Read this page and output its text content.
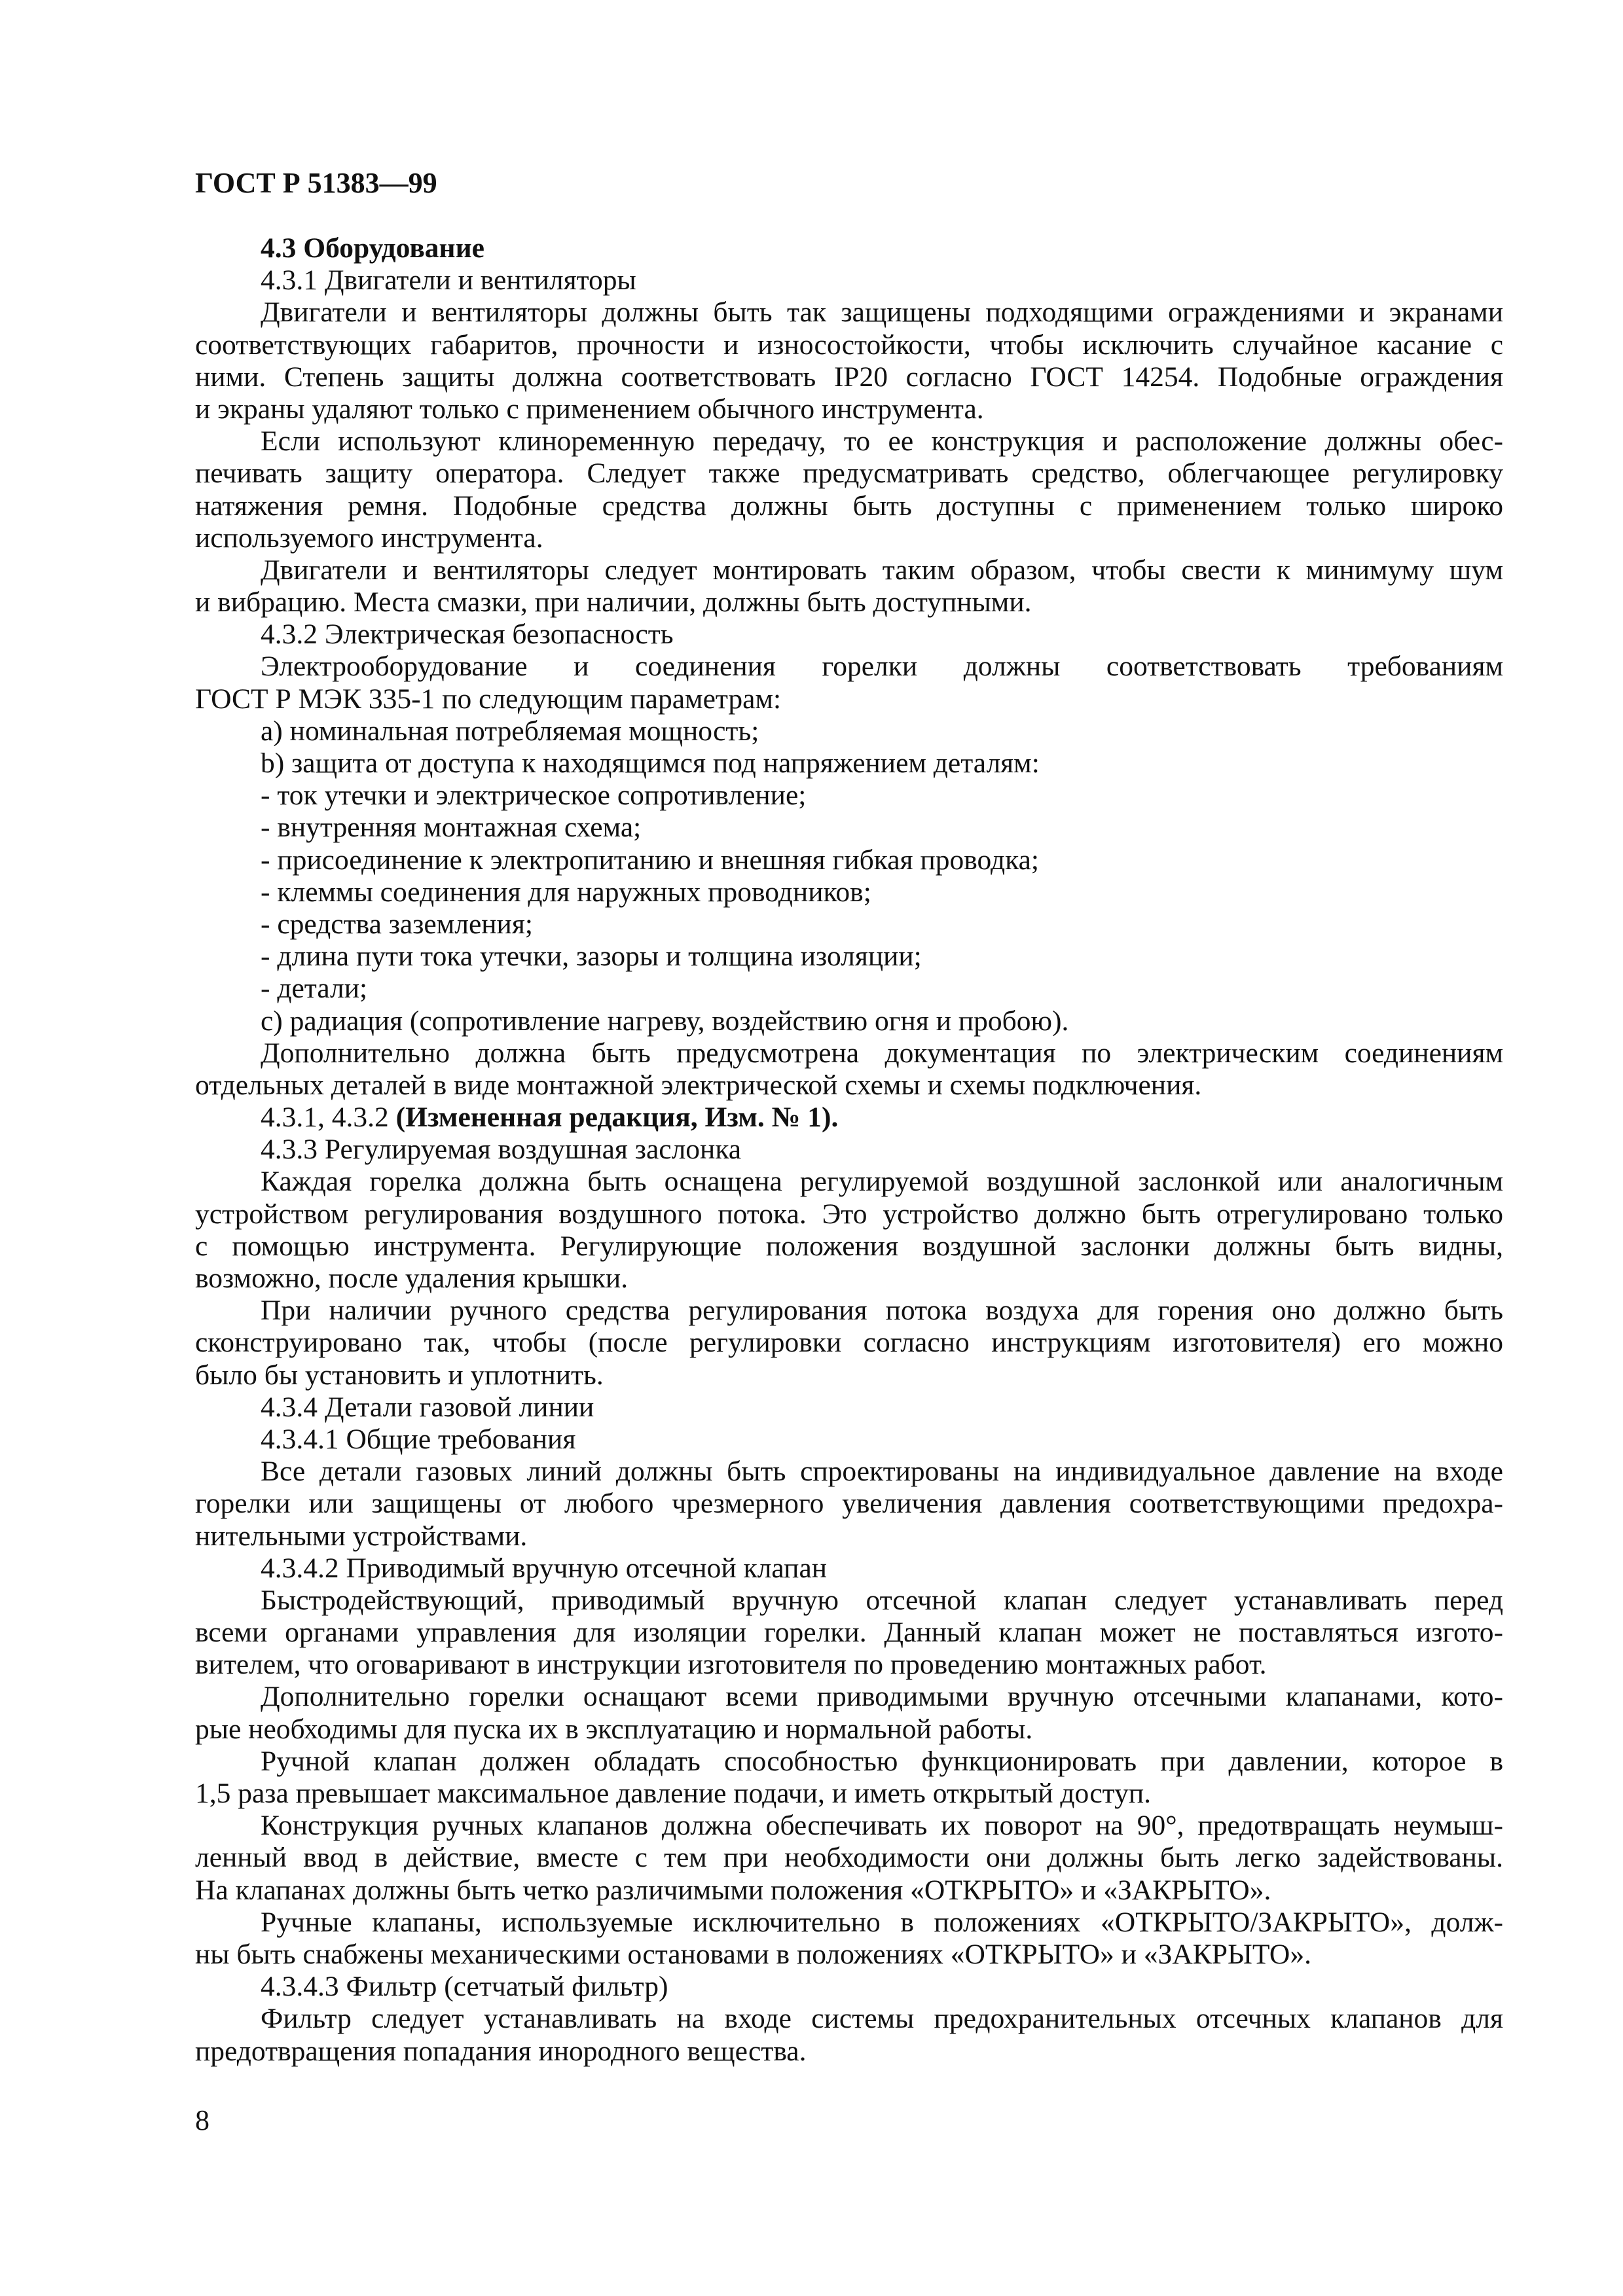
ГОСТ Р 51383—99
4.3 Оборудование
4.3.1 Двигатели и вентиляторы
Двигатели и вентиляторы должны быть так защищены подходящими ограждениями и экранами
соответствующих габаритов, прочности и износостойкости, чтобы исключить случайное касание с
ними. Степень защиты должна соответствовать IP20 согласно ГОСТ 14254. Подобные ограждения
и экраны удаляют только с применением обычного инструмента.
Если используют клиноременную передачу, то ее конструкция и расположение должны обес-
печивать защиту оператора. Следует также предусматривать средство, облегчающее регулировку
натяжения ремня. Подобные средства должны быть доступны с применением только широко
используемого инструмента.
Двигатели и вентиляторы следует монтировать таким образом, чтобы свести к минимуму шум
и вибрацию. Места смазки, при наличии, должны быть доступными.
4.3.2 Электрическая безопасность
Электрооборудование и соединения горелки должны соответствовать требованиям
ГОСТ Р МЭК 335-1 по следующим параметрам:
а) номинальная потребляемая мощность;
b) защита от доступа к находящимся под напряжением деталям:
- ток утечки и электрическое сопротивление;
- внутренняя монтажная схема;
- присоединение к электропитанию и внешняя гибкая проводка;
- клеммы соединения для наружных проводников;
- средства заземления;
- длина пути тока утечки, зазоры и толщина изоляции;
- детали;
с) радиация (сопротивление нагреву, воздействию огня и пробою).
Дополнительно должна быть предусмотрена документация по электрическим соединениям
отдельных деталей в виде монтажной электрической схемы и схемы подключения.
4.3.1, 4.3.2 (Измененная редакция, Изм. № 1).
4.3.3 Регулируемая воздушная заслонка
Каждая горелка должна быть оснащена регулируемой воздушной заслонкой или аналогичным
устройством регулирования воздушного потока. Это устройство должно быть отрегулировано только
с помощью инструмента. Регулирующие положения воздушной заслонки должны быть видны,
возможно, после удаления крышки.
При наличии ручного средства регулирования потока воздуха для горения оно должно быть
сконструировано так, чтобы (после регулировки согласно инструкциям изготовителя) его можно
было бы установить и уплотнить.
4.3.4 Детали газовой линии
4.3.4.1 Общие требования
Все детали газовых линий должны быть спроектированы на индивидуальное давление на входе
горелки или защищены от любого чрезмерного увеличения давления соответствующими предохра-
нительными устройствами.
4.3.4.2 Приводимый вручную отсечной клапан
Быстродействующий, приводимый вручную отсечной клапан следует устанавливать перед
всеми органами управления для изоляции горелки. Данный клапан может не поставляться изгото-
вителем, что оговаривают в инструкции изготовителя по проведению монтажных работ.
Дополнительно горелки оснащают всеми приводимыми вручную отсечными клапанами, кото-
рые необходимы для пуска их в эксплуатацию и нормальной работы.
Ручной клапан должен обладать способностью функционировать при давлении, которое в
1,5 раза превышает максимальное давление подачи, и иметь открытый доступ.
Конструкция ручных клапанов должна обеспечивать их поворот на 90°, предотвращать неумыш-
ленный ввод в действие, вместе с тем при необходимости они должны быть легко задействованы.
На клапанах должны быть четко различимыми положения «ОТКРЫТО» и «ЗАКРЫТО».
Ручные клапаны, используемые исключительно в положениях «ОТКРЫТО/ЗАКРЫТО», долж-
ны быть снабжены механическими остановами в положениях «ОТКРЫТО» и «ЗАКРЫТО».
4.3.4.3 Фильтр (сетчатый фильтр)
Фильтр следует устанавливать на входе системы предохранительных отсечных клапанов для
предотвращения попадания инородного вещества.
8
